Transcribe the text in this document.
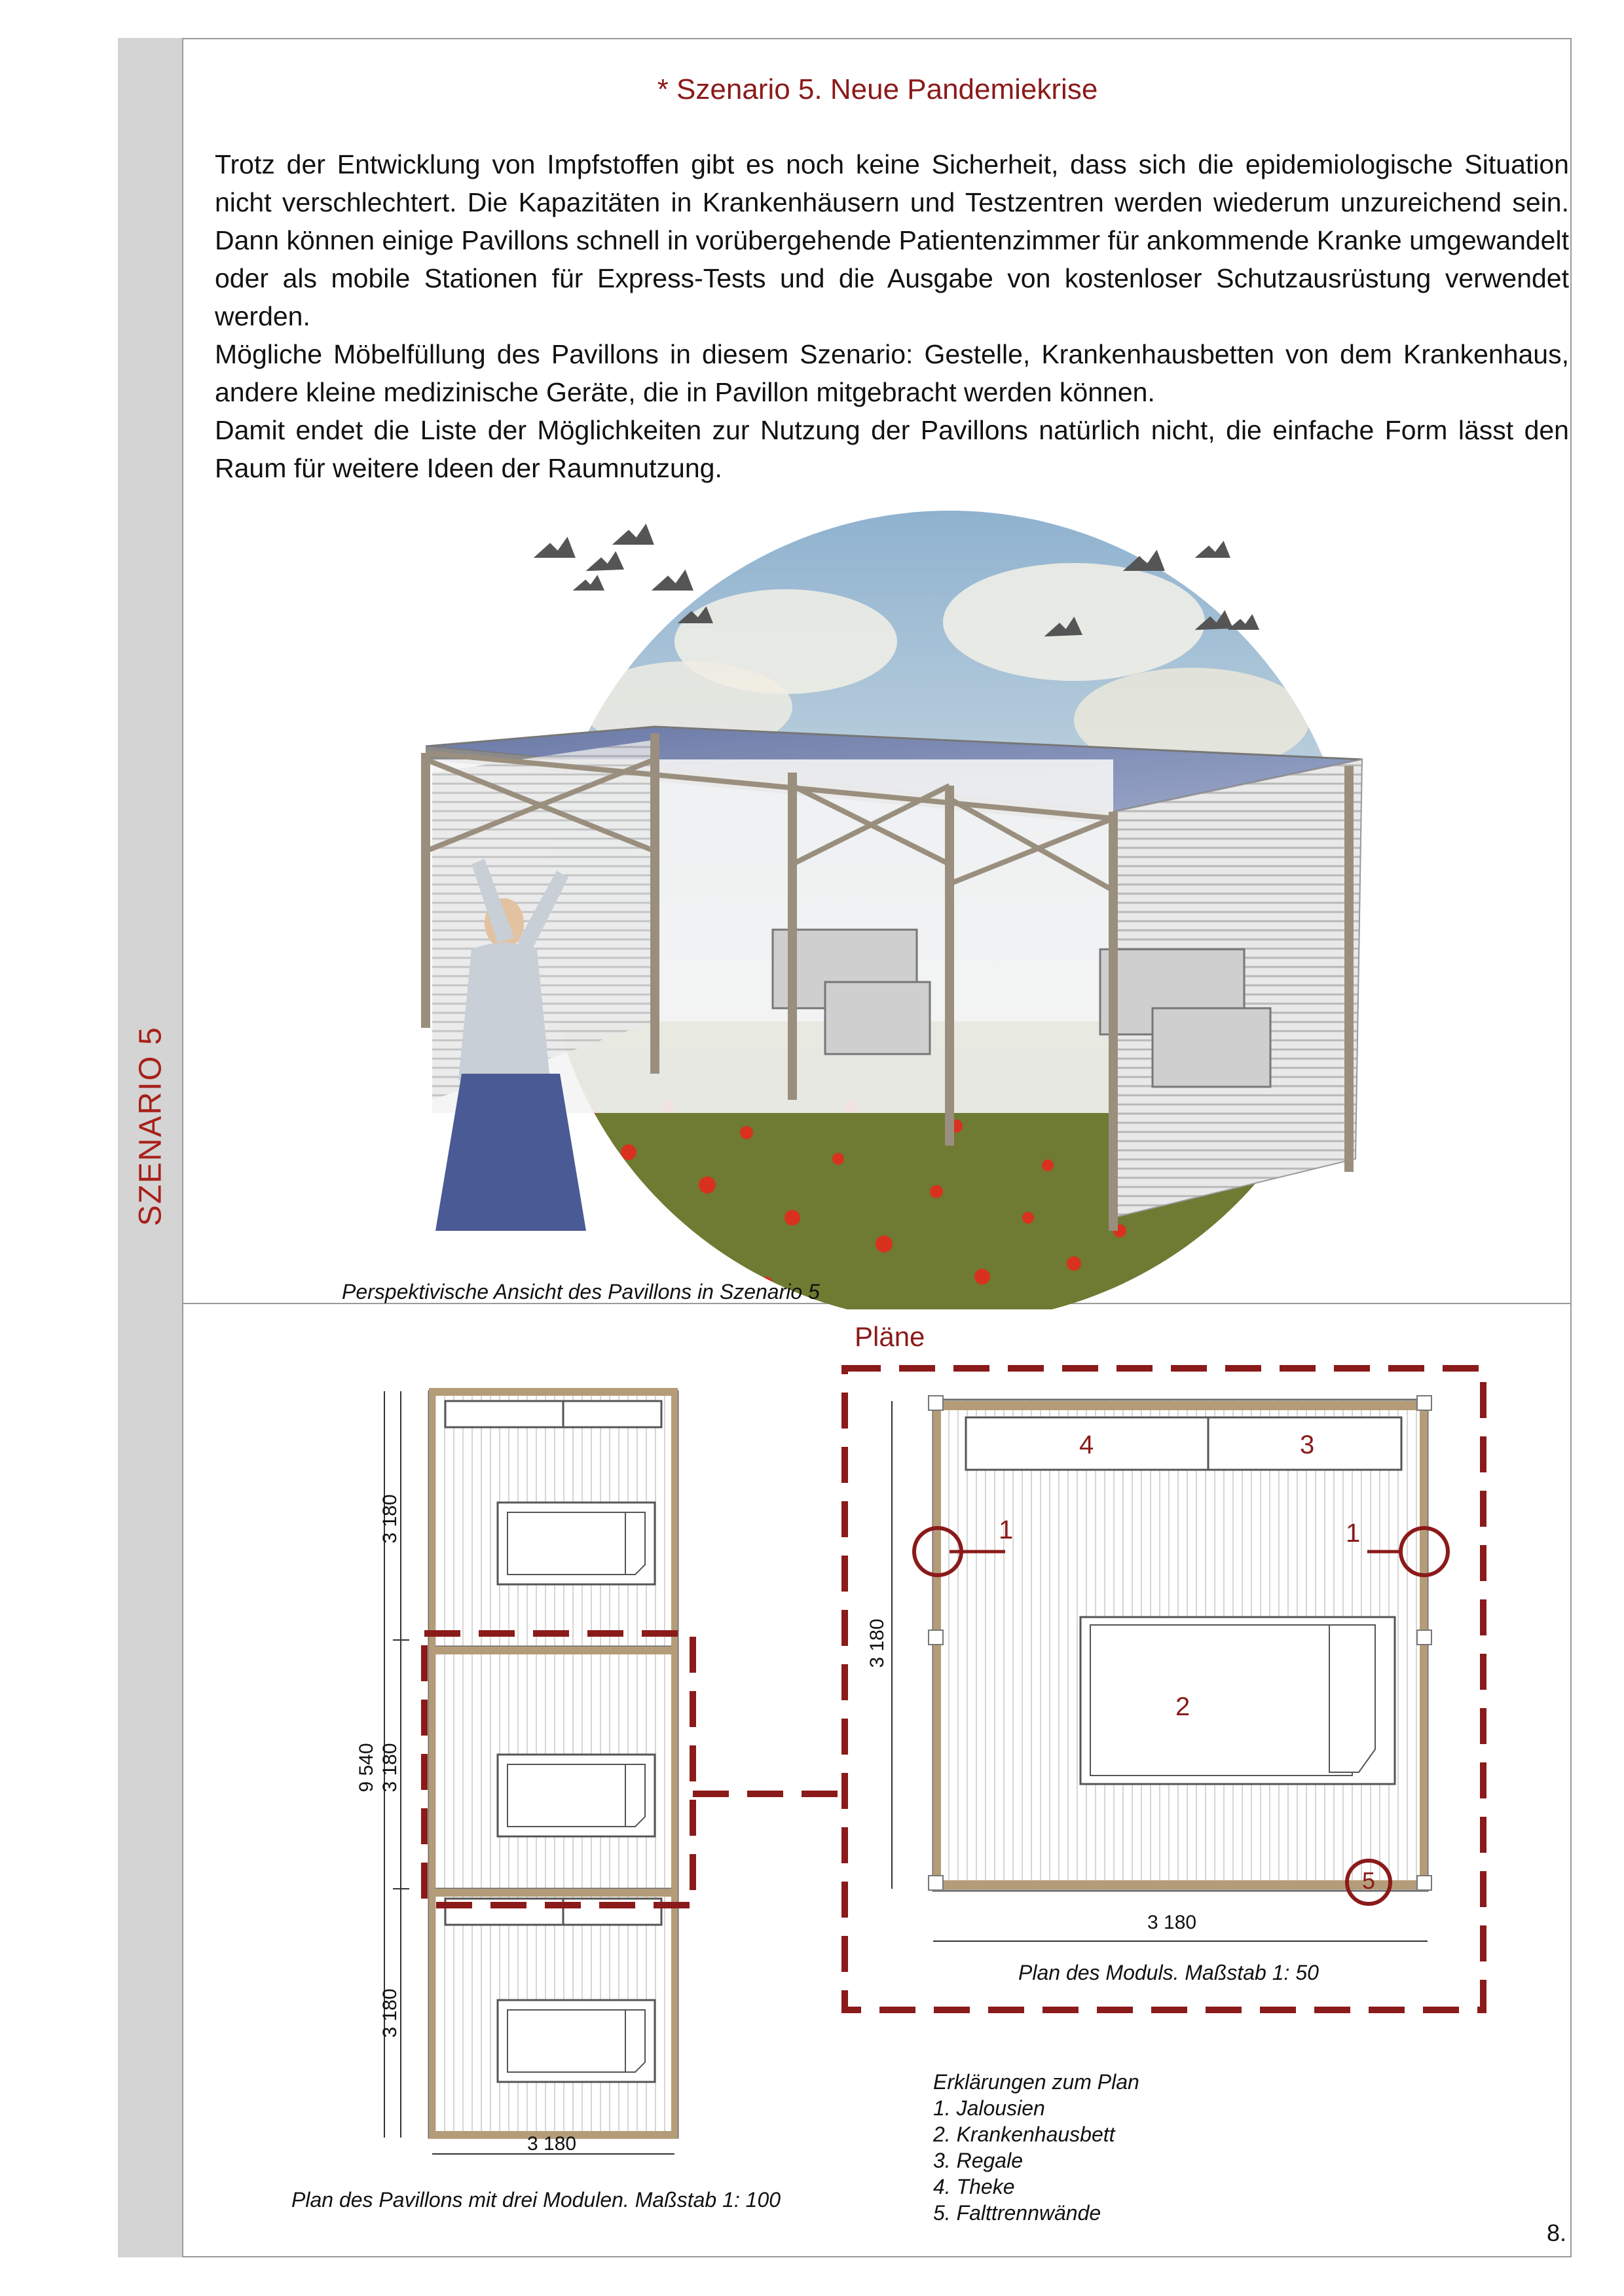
SZENARIO 5
* Szenario 5. Neue Pandemiekrise

Trotz der Entwicklung von Impfstoffen gibt es noch keine Sicherheit, dass sich die epidemiologische Situation nicht verschlechtert. Die Kapazitäten in Krankenhäusern und Testzentren werden wiederum unzureichend sein. Dann können einige Pavillons schnell in vorübergehende Patientenzimmer für ankommende Kranke umgewandelt oder als mobile Stationen für Express-Tests und die Ausgabe von kostenloser Schutzausrüstung verwendet werden.

Mögliche Möbelfüllung des Pavillons in diesem Szenario: Gestelle, Krankenhausbetten von dem Krankenhaus, andere kleine medizinische Geräte, die in Pavillon mitgebracht werden können.

Damit endet die Liste der Möglichkeiten zur Nutzung der Pavillons natürlich nicht, die einfache Form lässt den Raum für weitere Ideen der Raumnutzung.

Perspektivische Ansicht des Pavillons in Szenario 5
Pläne
9 540
3 180
3 180
3 180
3 180
Plan des Pavillons mit drei Modulen. Maßstab 1: 100
1	1
2
3
4
5
3 180
3 180
Plan des Moduls. Maßstab 1: 50
Erklärungen zum Plan
1. Jalousien
2. Krankenhausbett
3. Regale
4. Theke
5. Falttrennwände
8.
